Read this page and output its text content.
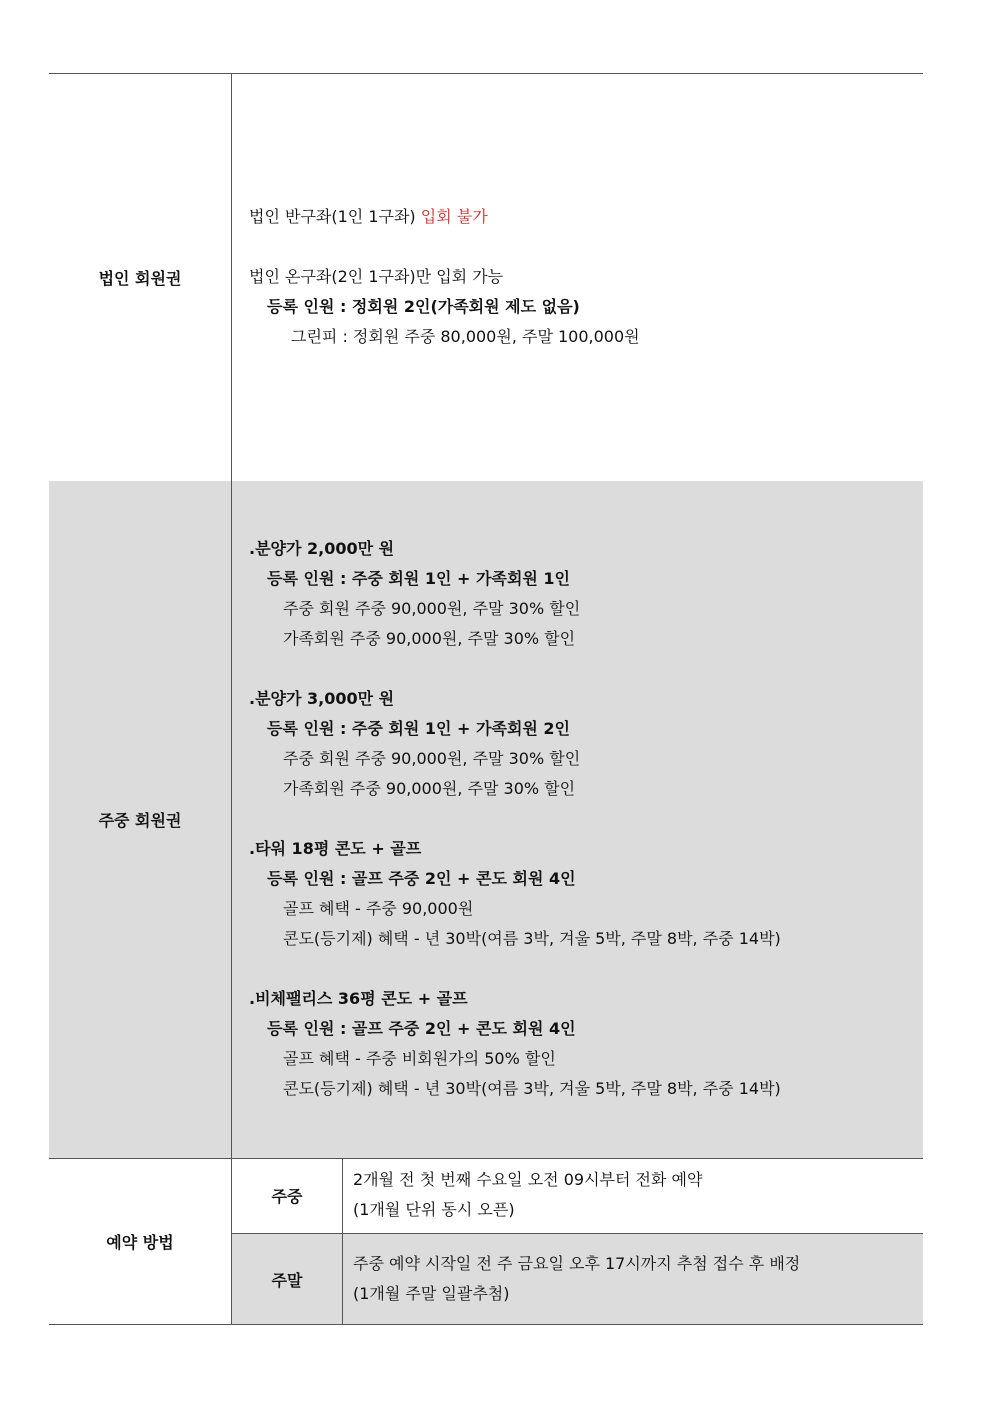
법인 회원권
법인 반구좌(1인 1구좌) 입회 불가
법인 온구좌(2인 1구좌)만 입회 가능
등록 인원 : 정회원 2인(가족회원 제도 없음)
그린피 : 정회원 주중 80,000원, 주말 100,000원
주중 회원권
.분양가 2,000만 원
등록 인원 : 주중 회원 1인 + 가족회원 1인
주중 회원 주중 90,000원, 주말 30% 할인
가족회원 주중 90,000원, 주말 30% 할인
.분양가 3,000만 원
등록 인원 : 주중 회원 1인 + 가족회원 2인
주중 회원 주중 90,000원, 주말 30% 할인
가족회원 주중 90,000원, 주말 30% 할인
.타워 18평 콘도 + 골프
등록 인원 : 골프 주중 2인 + 콘도 회원 4인
골프 혜택 - 주중 90,000원
콘도(등기제) 혜택 - 년 30박(여름 3박, 겨울 5박, 주말 8박, 주중 14박)
.비체팰리스 36평 콘도 + 골프
등록 인원 : 골프 주중 2인 + 콘도 회원 4인
골프 혜택 - 주중 비회원가의 50% 할인
콘도(등기제) 혜택 - 년 30박(여름 3박, 겨울 5박, 주말 8박, 주중 14박)
예약 방법
주중
2개월 전 첫 번째 수요일 오전 09시부터 전화 예약
(1개월 단위 동시 오픈)
주말
주중 예약 시작일 전 주 금요일 오후 17시까지 추첨 접수 후 배정
(1개월 주말 일괄추첨)
